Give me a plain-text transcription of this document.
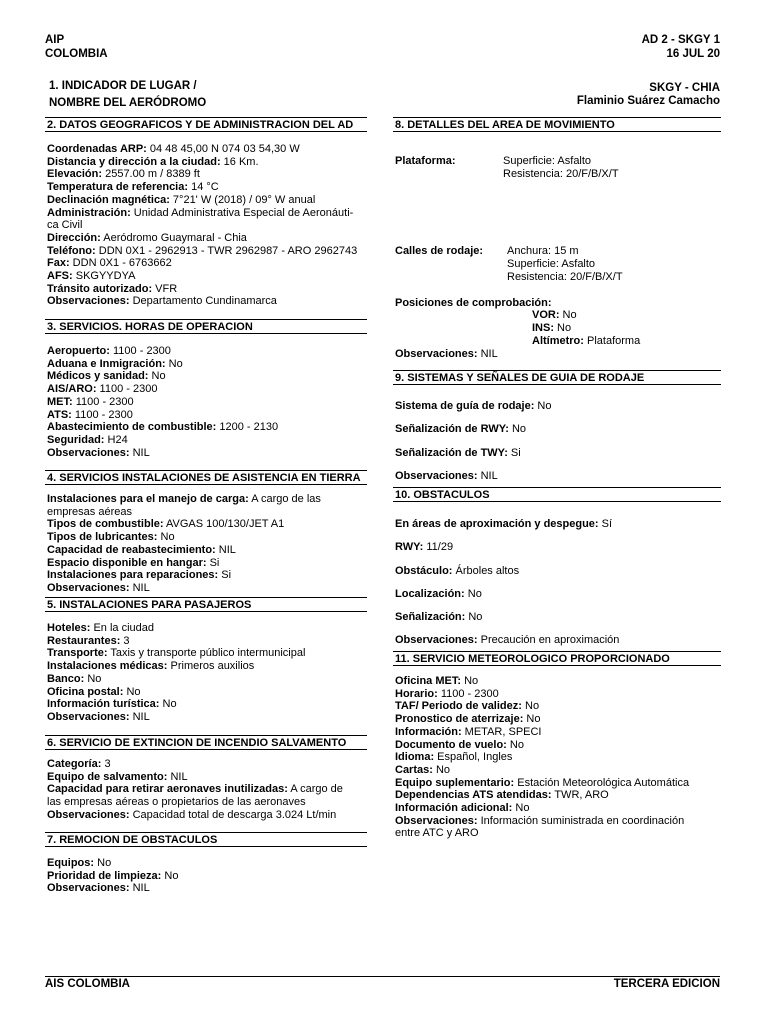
AIP
COLOMBIA
AD 2 - SKGY 1
16 JUL 20
1. INDICADOR DE LUGAR /
NOMBRE DEL AERÓDROMO
SKGY - CHIA
Flaminio Suárez Camacho
2. DATOS GEOGRAFICOS Y DE ADMINISTRACION DEL AD
Coordenadas ARP: 04 48 45,00 N 074 03 54,30 W
Distancia y dirección a la ciudad: 16 Km.
Elevación: 2557.00 m / 8389 ft
Temperatura de referencia: 14 °C
Declinación magnética: 7°21' W (2018) / 09° W anual
Administración: Unidad Administrativa Especial de Aeronáuti-
ca Civil
Dirección: Aeródromo Guaymaral - Chia
Teléfono: DDN 0X1 - 2962913 - TWR 2962987 - ARO 2962743
Fax: DDN 0X1 - 6763662
AFS: SKGYYDYA
Tránsito autorizado: VFR
Observaciones: Departamento Cundinamarca
3. SERVICIOS. HORAS DE OPERACION
Aeropuerto: 1100 - 2300
Aduana e Inmigración: No
Médicos y sanidad: No
AIS/ARO: 1100 - 2300
MET: 1100 - 2300
ATS: 1100 - 2300
Abastecimiento de combustible: 1200 - 2130
Seguridad: H24
Observaciones: NIL
4. SERVICIOS INSTALACIONES DE ASISTENCIA EN TIERRA
Instalaciones para el manejo de carga: A cargo de las
empresas aéreas
Tipos de combustible: AVGAS 100/130/JET A1
Tipos de lubricantes: No
Capacidad de reabastecimiento: NIL
Espacio disponible en hangar: Si
Instalaciones para reparaciones: Si
Observaciones: NIL
5. INSTALACIONES PARA PASAJEROS
Hoteles: En la ciudad
Restaurantes: 3
Transporte: Taxis y transporte público intermunicipal
Instalaciones médicas: Primeros auxilios
Banco: No
Oficina postal: No
Información turística: No
Observaciones: NIL
6. SERVICIO DE EXTINCION DE INCENDIO SALVAMENTO
Categoría: 3
Equipo de salvamento: NIL
Capacidad para retirar aeronaves inutilizadas: A cargo de
las empresas aéreas o propietarios de las aeronaves
Observaciones: Capacidad total de descarga 3.024 Lt/min
7. REMOCION DE OBSTACULOS
Equipos: No
Prioridad de limpieza: No
Observaciones: NIL
8. DETALLES DEL AREA DE MOVIMIENTO
Plataforma:	Superficie: Asfalto
Resistencia: 20/F/B/X/T
Calles de rodaje: Anchura: 15 m
Superficie: Asfalto
Resistencia: 20/F/B/X/T
Posiciones de comprobación:
VOR: No
INS: No
Altímetro: Plataforma
Observaciones: NIL
9. SISTEMAS Y SEÑALES DE GUIA DE RODAJE
Sistema de guía de rodaje: No
Señalización de RWY: No
Señalización de TWY: Si
Observaciones: NIL
10. OBSTACULOS
En áreas de aproximación y despegue: Sí
RWY: 11/29
Obstáculo: Árboles altos
Localización: No
Señalización: No
Observaciones: Precaución en aproximación
11. SERVICIO METEOROLOGICO PROPORCIONADO
Oficina MET: No
Horario: 1100 - 2300
TAF/ Periodo de validez: No
Pronostico de aterrizaje: No
Información: METAR, SPECI
Documento de vuelo: No
Idioma: Español, Ingles
Cartas: No
Equipo suplementario: Estación Meteorológica Automática
Dependencias ATS atendidas: TWR, ARO
Información adicional: No
Observaciones: Información suministrada en coordinación
entre ATC y ARO
AIS COLOMBIA	TERCERA EDICION
